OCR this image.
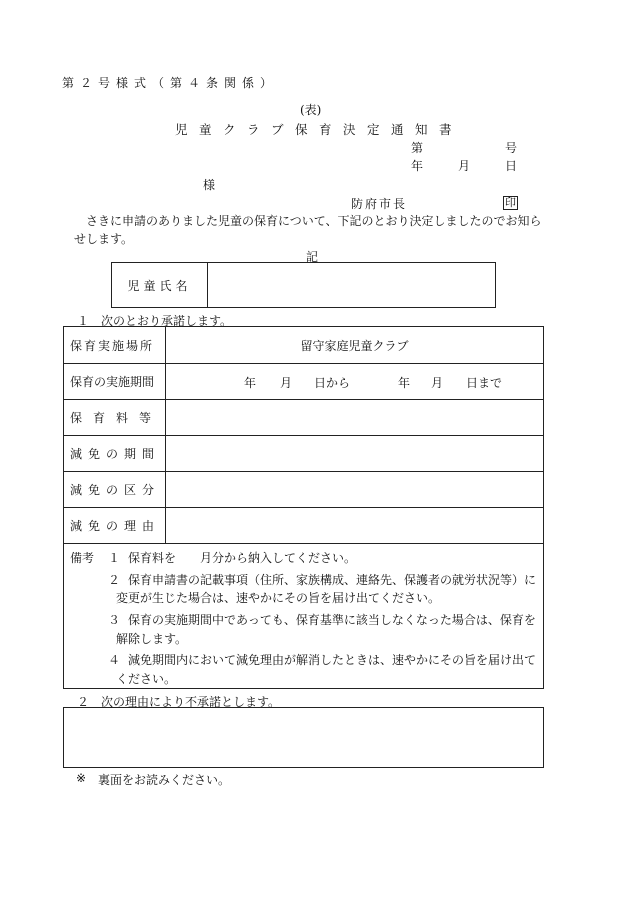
第２号様式（第４条関係）
(表)
児童クラブ保育決定通知書
第	号
年	月	日
様
防府市長	印
さきに申請のありました児童の保育について、下記のとおり決定しましたのでお知ら
せします。
記
児童氏名
１　次のとおり承諾します。
保育実施場所	留守家庭児童クラブ
保育の実施期間	年 月 日から	年 月 日まで
保育料等
減免の期間
減免の区分
減免の理由
備考 １ 保育料を 月分から納入してください。
２ 保育申請書の記載事項（住所、家族構成、連絡先、保護者の就労状況等）に
変更が生じた場合は、速やかにその旨を届け出てください。
３ 保育の実施期間中であっても、保育基準に該当しなくなった場合は、保育を
解除します。
４ 減免期間内において減免理由が解消したときは、速やかにその旨を届け出て
ください。
２　次の理由により不承諾とします。
※ 裏面をお読みください。
